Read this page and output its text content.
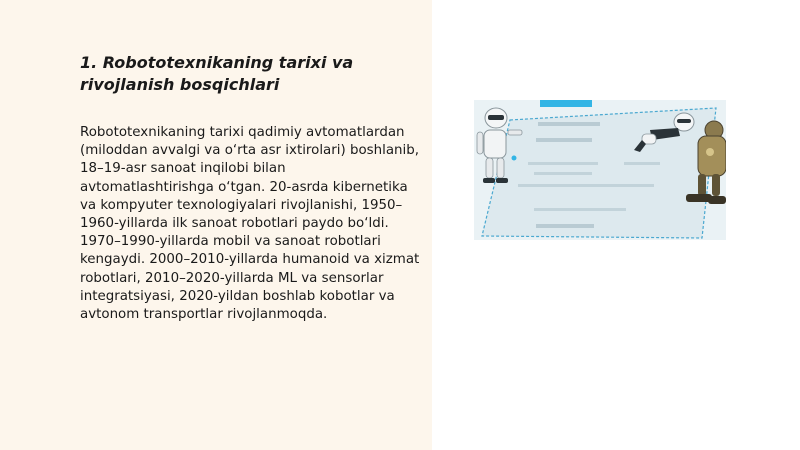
1. Robototexnikaning tarixi va rivojlanish bosqichlari

Robototexnikaning tarixi qadimiy avtomatlardan (miloddan avvalgi va o‘rta asr ixtirolari) boshlanib, 18–19-asr sanoat inqilobi bilan avtomatlashtirishga o‘tgan. 20-asrda kibernetika va kompyuter texnologiyalari rivojlanishi, 1950–1960-yillarda ilk sanoat robotlari paydo bo‘ldi. 1970–1990-yillarda mobil va sanoat robotlari kengaydi. 2000–2010-yillarda humanoid va xizmat robotlari, 2010–2020-yillarda ML va sensorlar integratsiyasi, 2020-yildan boshlab kobotlar va avtonom transportlar rivojlanmoqda.
